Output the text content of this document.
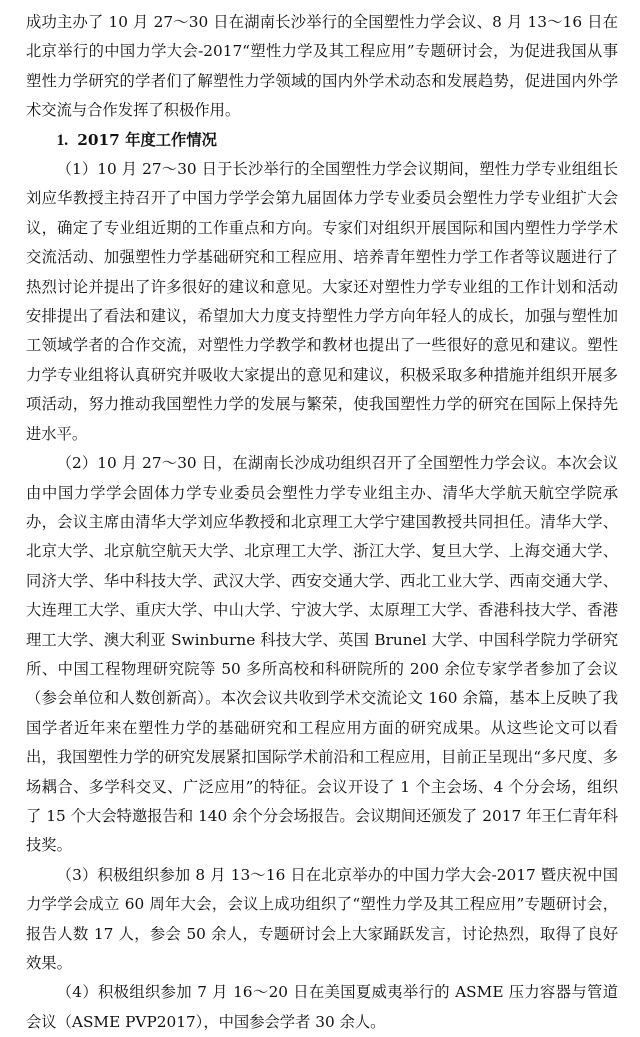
成功主办了 10 月 27～30 日在湖南长沙举行的全国塑性力学会议、8 月 13～16 日在北京举行的中国力学大会-2017“塑性力学及其工程应用”专题研讨会，为促进我国从事塑性力学研究的学者们了解塑性力学领域的国内外学术动态和发展趋势，促进国内外学术交流与合作发挥了积极作用。

1. 2017 年度工作情况

（1）10 月 27～30 日于长沙举行的全国塑性力学会议期间，塑性力学专业组组长刘应华教授主持召开了中国力学学会第九届固体力学专业委员会塑性力学专业组扩大会议，确定了专业组近期的工作重点和方向。专家们对组织开展国际和国内塑性力学学术交流活动、加强塑性力学基础研究和工程应用、培养青年塑性力学工作者等议题进行了热烈讨论并提出了许多很好的建议和意见。大家还对塑性力学专业组的工作计划和活动安排提出了看法和建议，希望加大力度支持塑性力学方向年轻人的成长，加强与塑性加工领域学者的合作交流，对塑性力学教学和教材也提出了一些很好的意见和建议。塑性力学专业组将认真研究并吸收大家提出的意见和建议，积极采取多种措施并组织开展多项活动，努力推动我国塑性力学的发展与繁荣，使我国塑性力学的研究在国际上保持先进水平。

（2）10 月 27～30 日，在湖南长沙成功组织召开了全国塑性力学会议。本次会议由中国力学学会固体力学专业委员会塑性力学专业组主办、清华大学航天航空学院承办，会议主席由清华大学刘应华教授和北京理工大学宁建国教授共同担任。清华大学、北京大学、北京航空航天大学、北京理工大学、浙江大学、复旦大学、上海交通大学、同济大学、华中科技大学、武汉大学、西安交通大学、西北工业大学、西南交通大学、大连理工大学、重庆大学、中山大学、宁波大学、太原理工大学、香港科技大学、香港理工大学、澳大利亚 Swinburne 科技大学、英国 Brunel 大学、中国科学院力学研究所、中国工程物理研究院等 50 多所高校和科研院所的 200 余位专家学者参加了会议（参会单位和人数创新高）。本次会议共收到学术交流论文 160 余篇，基本上反映了我国学者近年来在塑性力学的基础研究和工程应用方面的研究成果。从这些论文可以看出，我国塑性力学的研究发展紧扣国际学术前沿和工程应用，目前正呈现出“多尺度、多场耦合、多学科交叉、广泛应用”的特征。会议开设了 1 个主会场、4 个分会场，组织了 15 个大会特邀报告和 140 余个分会场报告。会议期间还颁发了 2017 年王仁青年科技奖。

（3）积极组织参加 8 月 13～16 日在北京举办的中国力学大会-2017 暨庆祝中国力学学会成立 60 周年大会，会议上成功组织了“塑性力学及其工程应用”专题研讨会，报告人数 17 人，参会 50 余人，专题研讨会上大家踊跃发言，讨论热烈，取得了良好效果。

（4）积极组织参加 7 月 16～20 日在美国夏威夷举行的 ASME 压力容器与管道会议（ASME PVP2017），中国参会学者 30 余人。
